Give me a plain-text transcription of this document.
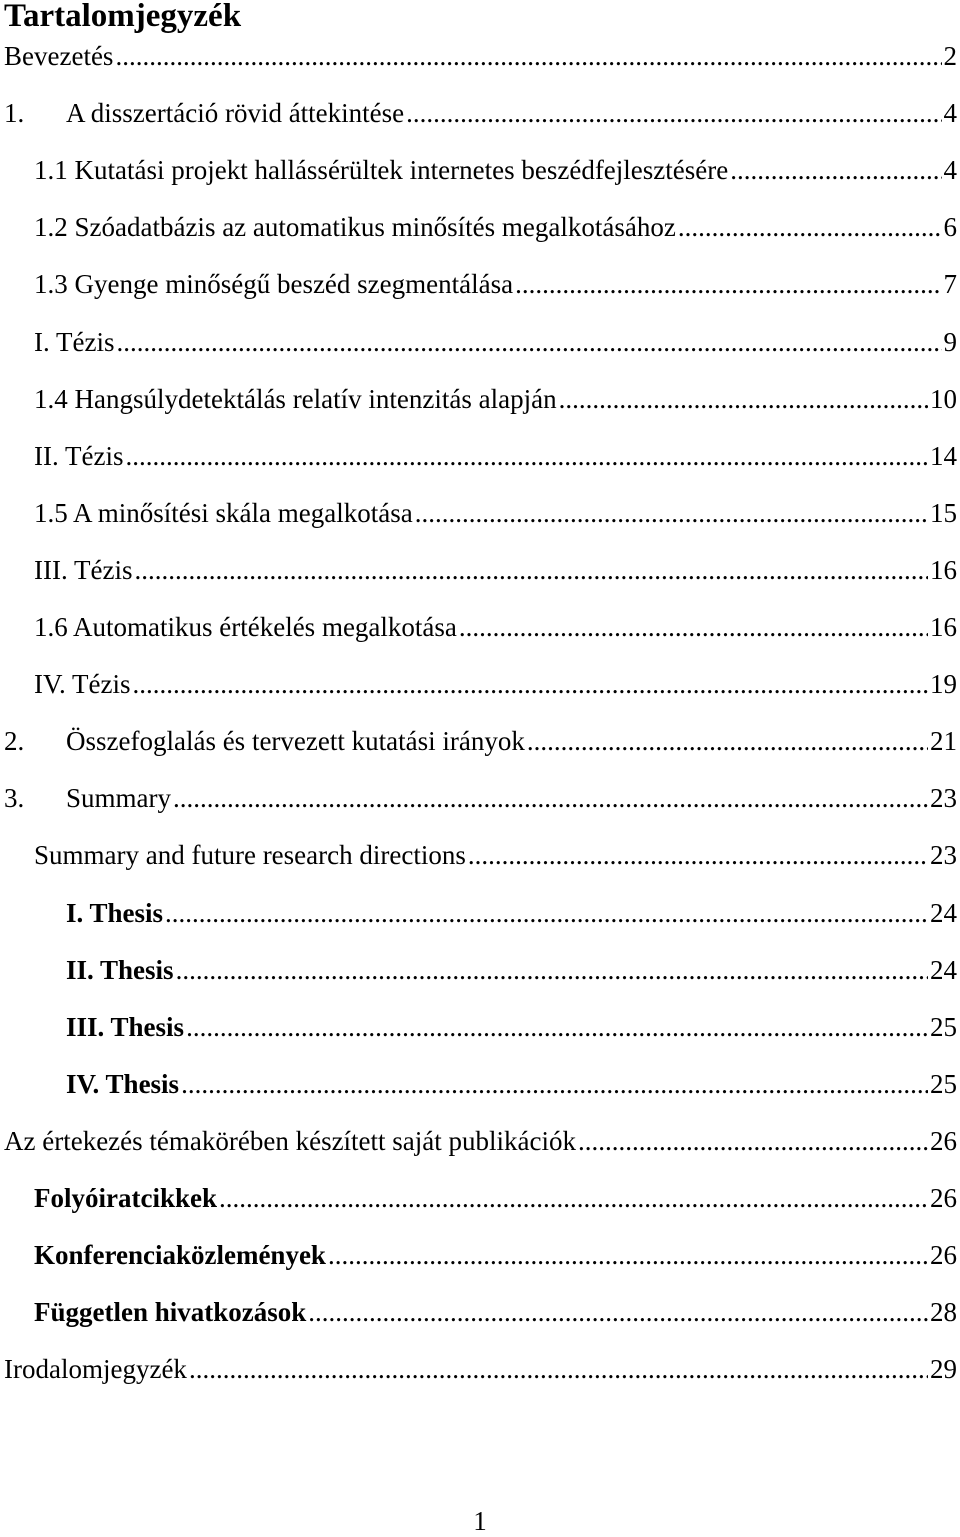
Tartalomjegyzék
Bevezetés .....	2
1. A disszertáció rövid áttekintése .....	4
1.1 Kutatási projekt hallássérültek internetes beszédfejlesztésére .....	4
1.2 Szóadatbázis az automatikus minősítés megalkotásához .....	6
1.3 Gyenge minőségű beszéd szegmentálása .....	7
I. Tézis .....	9
1.4 Hangsúlydetektálás relatív intenzitás alapján .....	10
II. Tézis .....	14
1.5 A minősítési skála megalkotása .....	15
III. Tézis .....	16
1.6 Automatikus értékelés megalkotása .....	16
IV. Tézis .....	19
2. Összefoglalás és tervezett kutatási irányok .....	21
3. Summary .....	23
Summary and future research directions .....	23
I. Thesis .....	24
II. Thesis .....	24
III. Thesis .....	25
IV. Thesis .....	25
Az értekezés témakörében készített saját publikációk .....	26
Folyóiratcikkek .....	26
Konferenciaközlemények .....	26
Független hivatkozások .....	28
Irodalomjegyzék .....	29
1
